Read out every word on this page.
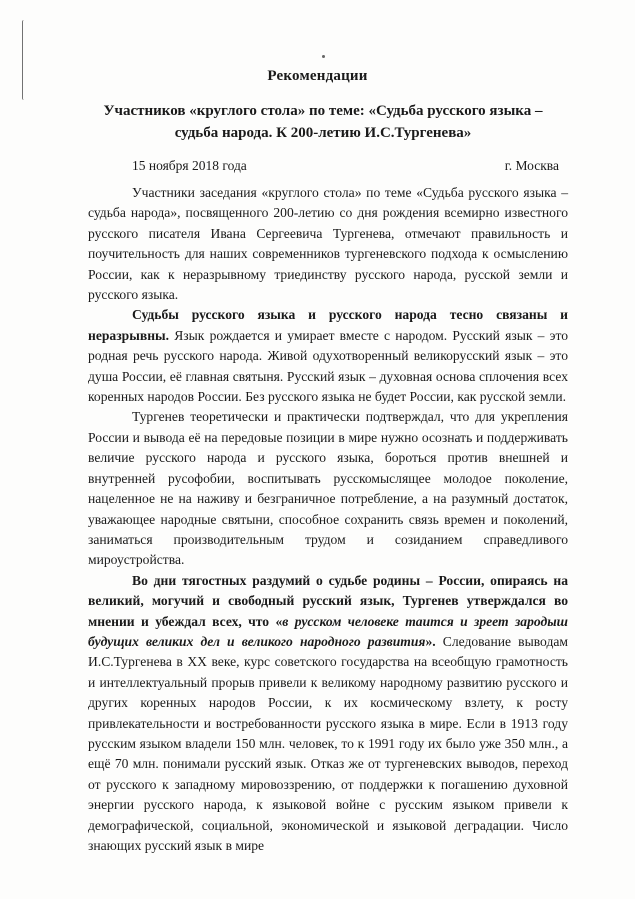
Рекомендации
Участников «круглого стола» по теме: «Судьба русского языка – судьба народа. К 200-летию И.С.Тургенева»
15 ноября 2018 года	г. Москва

Участники заседания «круглого стола» по теме «Судьба русского языка – судьба народа», посвященного 200-летию со дня рождения всемирно известного русского писателя Ивана Сергеевича Тургенева, отмечают правильность и поучительность для наших современников тургеневского подхода к осмыслению России, как к неразрывному триединству русского народа, русской земли и русского языка.

Судьбы русского языка и русского народа тесно связаны и неразрывны. Язык рождается и умирает вместе с народом. Русский язык – это родная речь русского народа. Живой одухотворенный великорусский язык – это душа России, её главная святыня. Русский язык – духовная основа сплочения всех коренных народов России. Без русского языка не будет России, как русской земли.

Тургенев теоретически и практически подтверждал, что для укрепления России и вывода её на передовые позиции в мире нужно осознать и поддерживать величие русского народа и русского языка, бороться против внешней и внутренней русофобии, воспитывать русскомыслящее молодое поколение, нацеленное не на наживу и безграничное потребление, а на разумный достаток, уважающее народные святыни, способное сохранить связь времен и поколений, заниматься производительным трудом и созиданием справедливого мироустройства.

Во дни тягостных раздумий о судьбе родины – России, опираясь на великий, могучий и свободный русский язык, Тургенев утверждался во мнении и убеждал всех, что «в русском человеке таится и зреет зародыш будущих великих дел и великого народного развития». Следование выводам И.С.Тургенева в XX веке, курс советского государства на всеобщую грамотность и интеллектуальный прорыв привели к великому народному развитию русского и других коренных народов России, к их космическому взлету, к росту привлекательности и востребованности русского языка в мире. Если в 1913 году русским языком владели 150 млн. человек, то к 1991 году их было уже 350 млн., а ещё 70 млн. понимали русский язык. Отказ же от тургеневских выводов, переход от русского к западному мировоззрению, от поддержки к погашению духовной энергии русского народа, к языковой войне с русским языком привели к демографической, социальной, экономической и языковой деградации. Число знающих русский язык в мире
